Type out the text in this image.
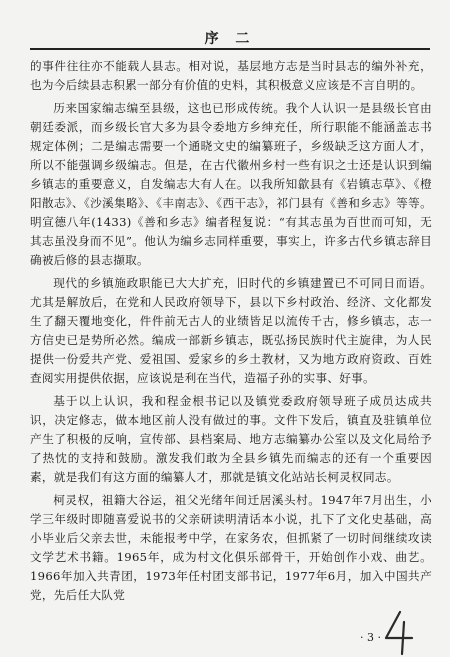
序 二

的事件往往亦不能载人县志。相对说，基层地方志是当时县志的编外补充，也为今后续县志积累一部分有价值的史料，其积极意义应该是不言自明的。

历来国家编志编至县级，这也已形成传统。我个人认识一是县级长官由朝廷委派，而乡级长官大多为县令委地方乡绅充任，所行职能不能涵盖志书规定体例；二是编志需要一个通晓文史的编纂班子，乡级缺乏这方面人才，所以不能强调乡级编志。但是，在古代徽州乡村一些有识之士还是认识到编乡镇志的重要意义，自发编志大有人在。以我所知歙县有《岩镇志草》、《橙阳散志》、《沙溪集略》、《丰南志》、《西干志》，祁门县有《善和乡志》等等。明宣德八年(1433)《善和乡志》编者程复说：“有其志虽为百世而可知，无其志虽没身而不见”。他认为编乡志同样重要，事实上，许多古代乡镇志辞目确被后修的县志撷取。

现代的乡镇施政职能已大大扩充，旧时代的乡镇建置已不可同日而语。尤其是解放后，在党和人民政府领导下，县以下乡村政治、经济、文化都发生了翻天覆地变化，件件前无古人的业绩皆足以流传千古，修乡镇志，志一方信史已是势所必然。编成一部新乡镇志，既弘扬民族时代主旋律，为人民提供一份爱共产党、爱祖国、爱家乡的乡土教材，又为地方政府资政、百姓查阅实用提供依据，应该说是利在当代，造福子孙的实事、好事。

基于以上认识，我和程金根书记以及镇党委政府领导班子成员达成共识，决定修志，做本地区前人没有做过的事。文件下发后，镇直及驻镇单位产生了积极的反响，宣传部、县档案局、地方志编纂办公室以及文化局给予了热忱的支持和鼓励。激发我们敢为全县乡镇先而编志的还有一个重要因素，就是我们有这方面的编纂人才，那就是镇文化站站长柯灵权同志。

柯灵权，祖籍大谷运，祖父光绪年间迁居溪头村。1947年7月出生，小学三年级时即随喜爱说书的父亲研读明清话本小说，扎下了文化史基础，高小毕业后父亲去世，未能报考中学，在家务农，但抓紧了一切时间继续攻读文学艺术书籍。1965年，成为村文化俱乐部骨干，开始创作小戏、曲艺。1966年加入共青团，1973年任村团支部书记，1977年6月，加入中国共产党，先后任大队党

· 3 ·
